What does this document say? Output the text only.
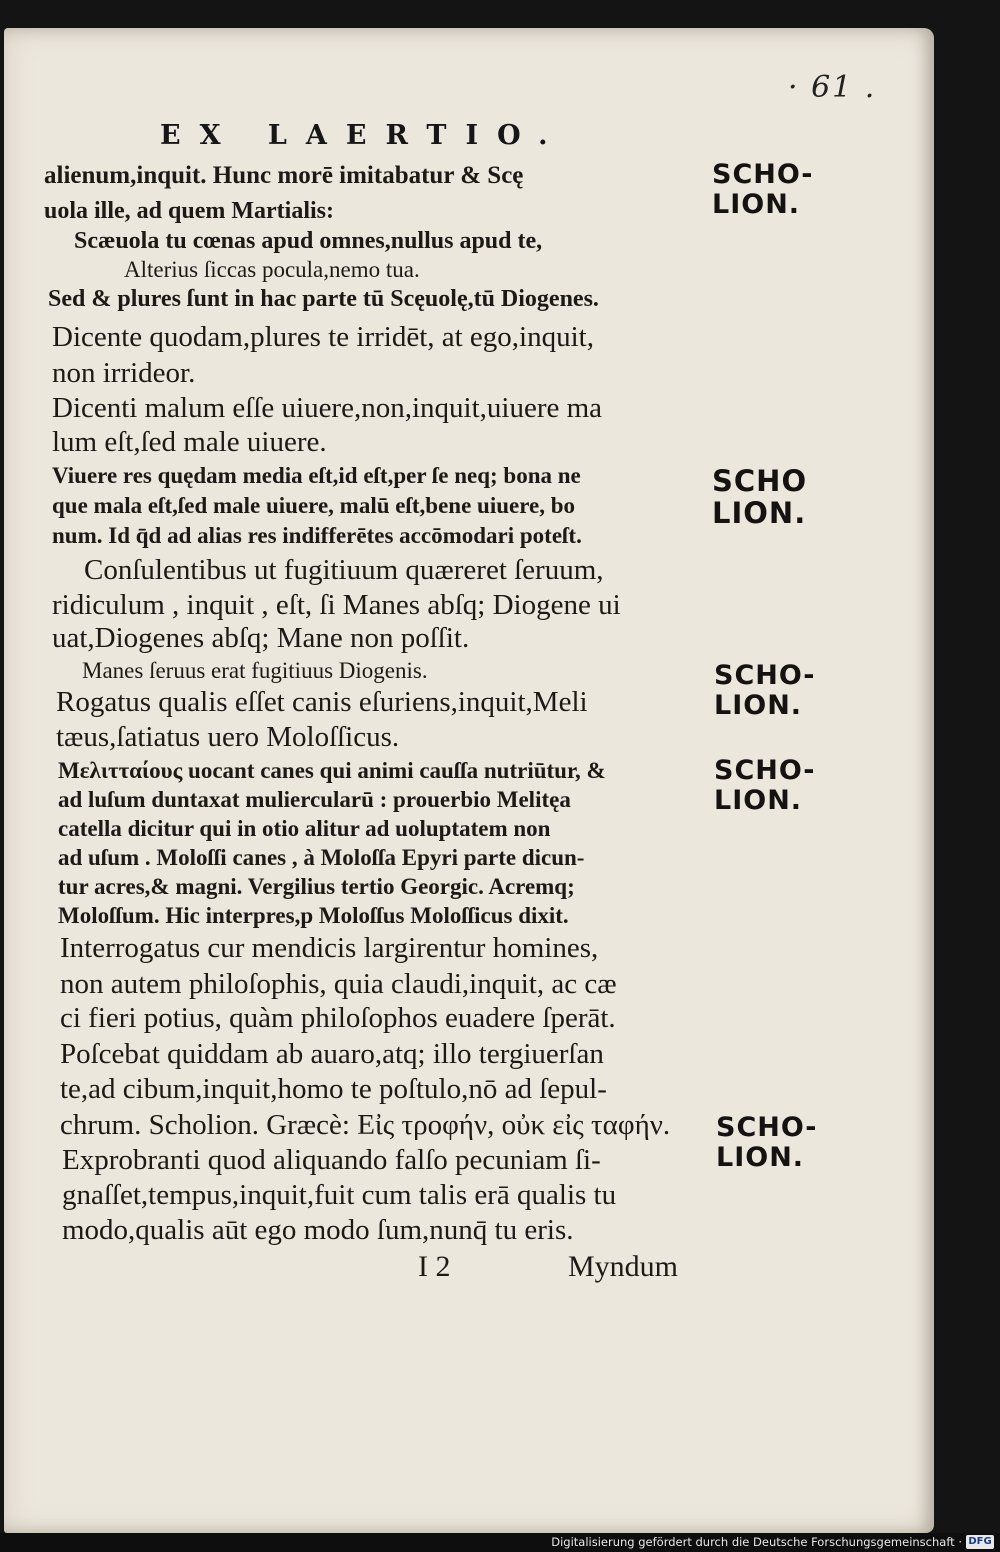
· 61 .
EX LAERTIO.
alienum,inquit. Hunc morē imitabatur & Scę
uola ille, ad quem Martialis:
Scæuola tu cœnas apud omnes,nullus apud te,
Alterius ſiccas pocula,nemo tua.
Sed & plures ſunt in hac parte tū Scęuolę,tū Diogenes.
Dicente quodam,plures te irridēt, at ego,inquit,
non irrideor.
Dicenti malum eſſe uiuere,non,inquit,uiuere ma
lum eſt,ſed male uiuere.
Viuere res quędam media eſt,id eſt,per ſe neq; bona ne
que mala eſt,ſed male uiuere, malū eſt,bene uiuere, bo
num. Id q̄d ad alias res indifferētes accōmodari poteſt.
Conſulentibus ut fugitiuum quæreret ſeruum,
ridiculum , inquit , eſt, ſi Manes abſq; Diogene ui
uat,Diogenes abſq; Mane non poſſit.
Manes ſeruus erat fugitiuus Diogenis.
Rogatus qualis eſſet canis eſuriens,inquit,Meli
tæus,ſatiatus uero Moloſſicus.
Μελιτταίους uocant canes qui animi cauſſa nutriūtur, &
ad luſum duntaxat muliercularū : prouerbio Melitęa
catella dicitur qui in otio alitur ad uoluptatem non
ad uſum . Moloſſi canes , à Moloſſa Epyri parte dicun-
tur acres,& magni. Vergilius tertio Georgic. Acremq;
Moloſſum. Hic interpres,p Moloſſus Moloſſicus dixit.
Interrogatus cur mendicis largirentur homines,
non autem philoſophis, quia claudi,inquit, ac cæ
ci fieri potius, quàm philoſophos euadere ſperāt.
Poſcebat quiddam ab auaro,atq; illo tergiuerſan
te,ad cibum,inquit,homo te poſtulo,nō ad ſepul-
chrum. Scholion. Græcè: Εἰς τροφήν, οὐκ εἰς ταφήν.
Exprobranti quod aliquando falſo pecuniam ſi-
gnaſſet,tempus,inquit,fuit cum talis erā qualis tu
modo,qualis aūt ego modo ſum,nunq̄ tu eris.
SCHO-
LION.
SCHO
LION.
SCHO-
LION.
SCHO-
LION.
SCHO-
LION.
I 2	Myndum
Digitalisierung gefördert durch die Deutsche Forschungsgemeinschaft · DFG
